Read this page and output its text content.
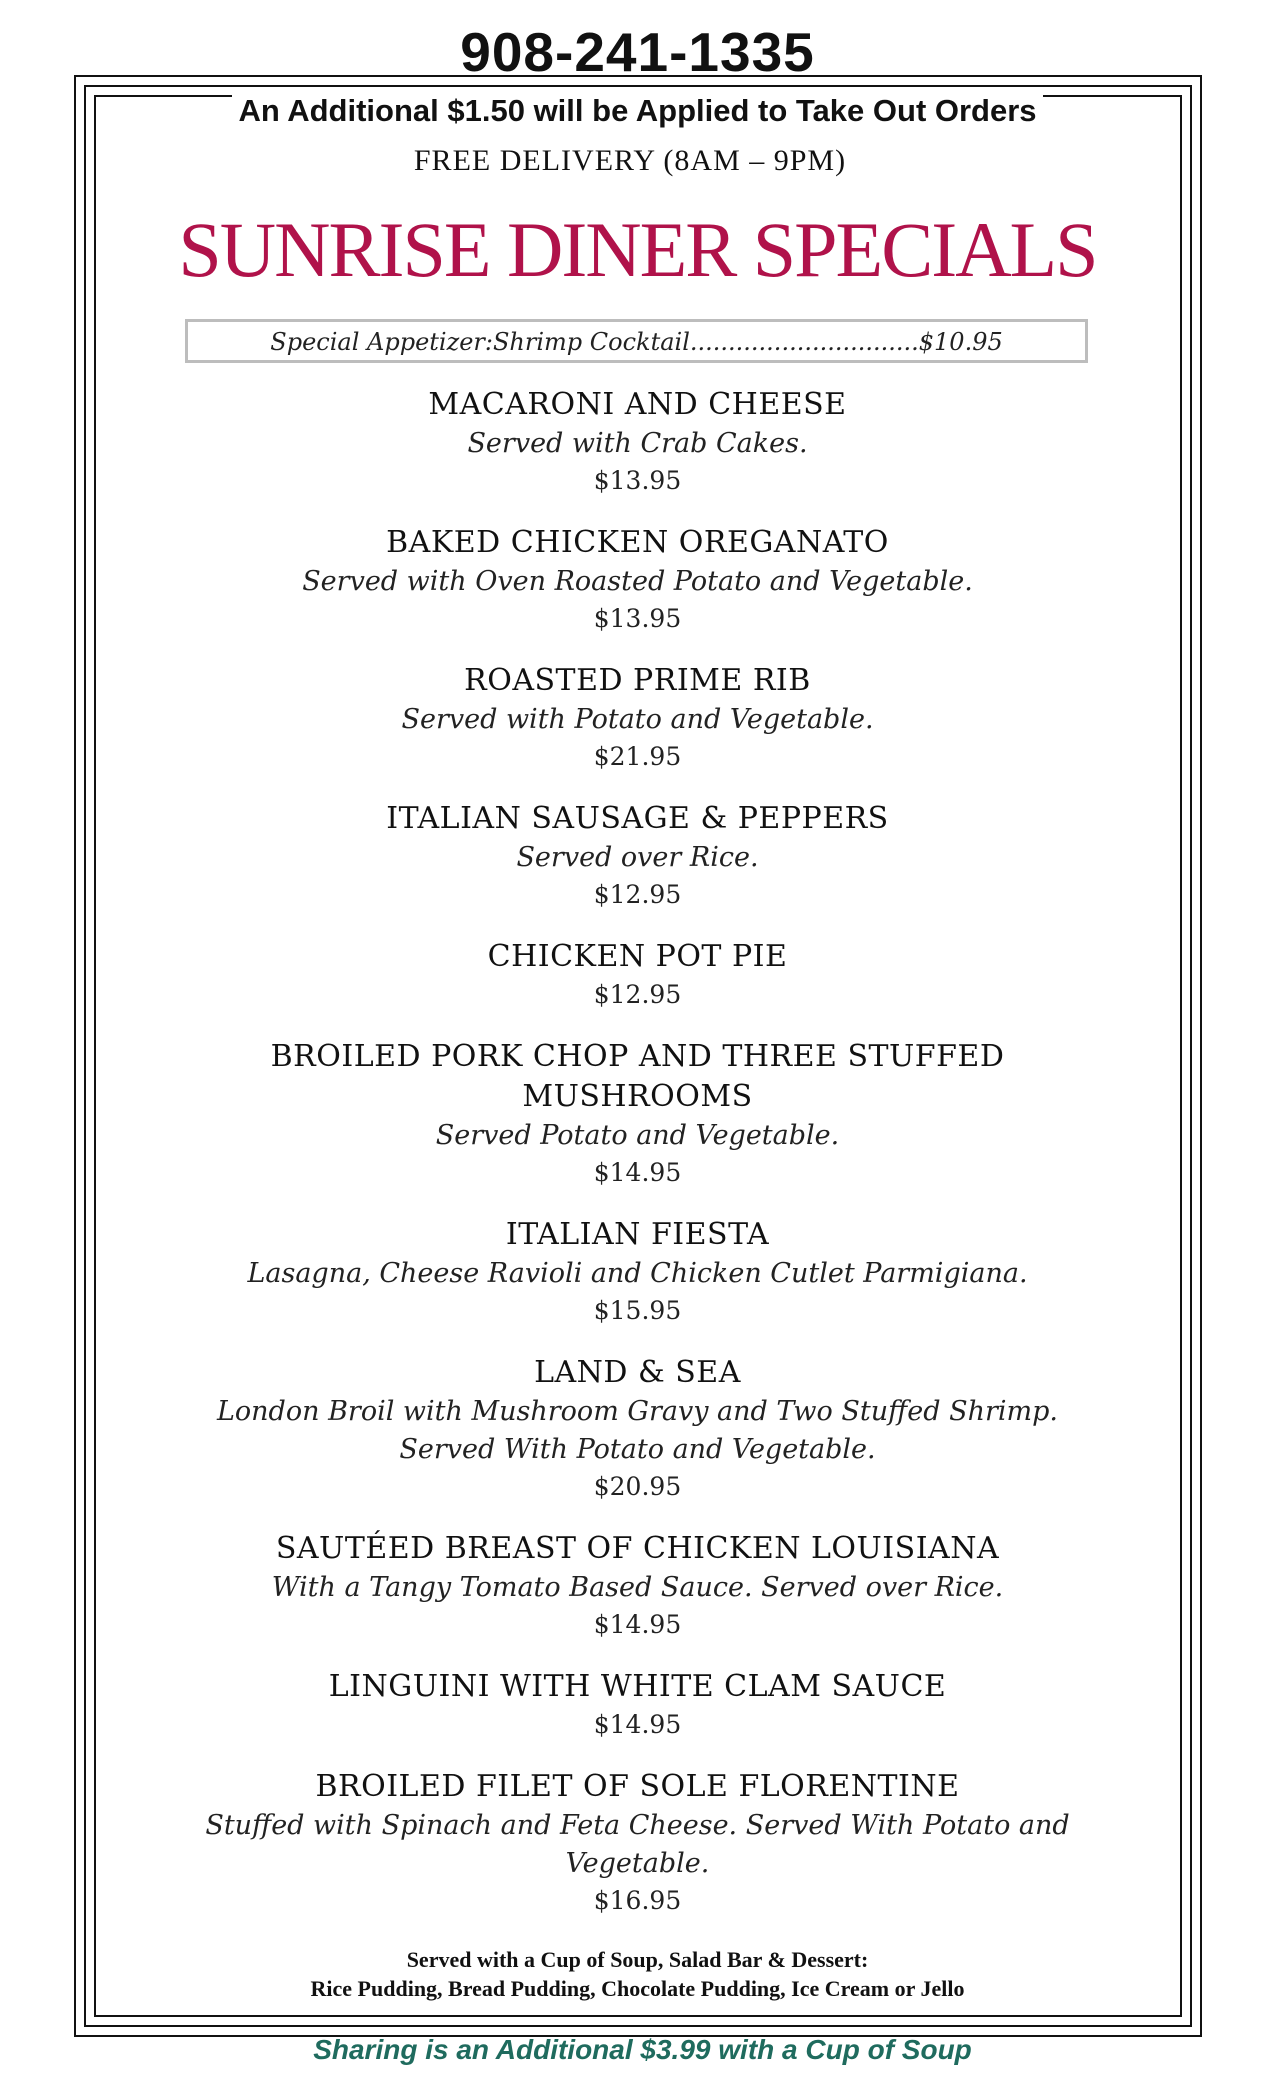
908-241-1335
An Additional $1.50 will be Applied to Take Out Orders
FREE DELIVERY (8AM – 9PM)
SUNRISE DINER SPECIALS
Special Appetizer:Shrimp Cocktail..............................$10.95
MACARONI AND CHEESE
Served with Crab Cakes.
$13.95
BAKED CHICKEN OREGANATO
Served with Oven Roasted Potato and Vegetable.
$13.95
ROASTED PRIME RIB
Served with Potato and Vegetable.
$21.95
ITALIAN SAUSAGE & PEPPERS
Served over Rice.
$12.95
CHICKEN POT PIE
$12.95
BROILED PORK CHOP AND THREE STUFFED MUSHROOMS
Served Potato and Vegetable.
$14.95
ITALIAN FIESTA
Lasagna, Cheese Ravioli and Chicken Cutlet Parmigiana.
$15.95
LAND & SEA
London Broil with Mushroom Gravy and Two Stuffed Shrimp. Served With Potato and Vegetable.
$20.95
SAUTÉED BREAST OF CHICKEN LOUISIANA
With a Tangy Tomato Based Sauce. Served over Rice.
$14.95
LINGUINI WITH WHITE CLAM SAUCE
$14.95
BROILED FILET OF SOLE FLORENTINE
Stuffed with Spinach and Feta Cheese. Served With Potato and Vegetable.
$16.95
Served with a Cup of Soup, Salad Bar & Dessert:
Rice Pudding, Bread Pudding, Chocolate Pudding, Ice Cream or Jello
Sharing is an Additional $3.99 with a Cup of Soup
